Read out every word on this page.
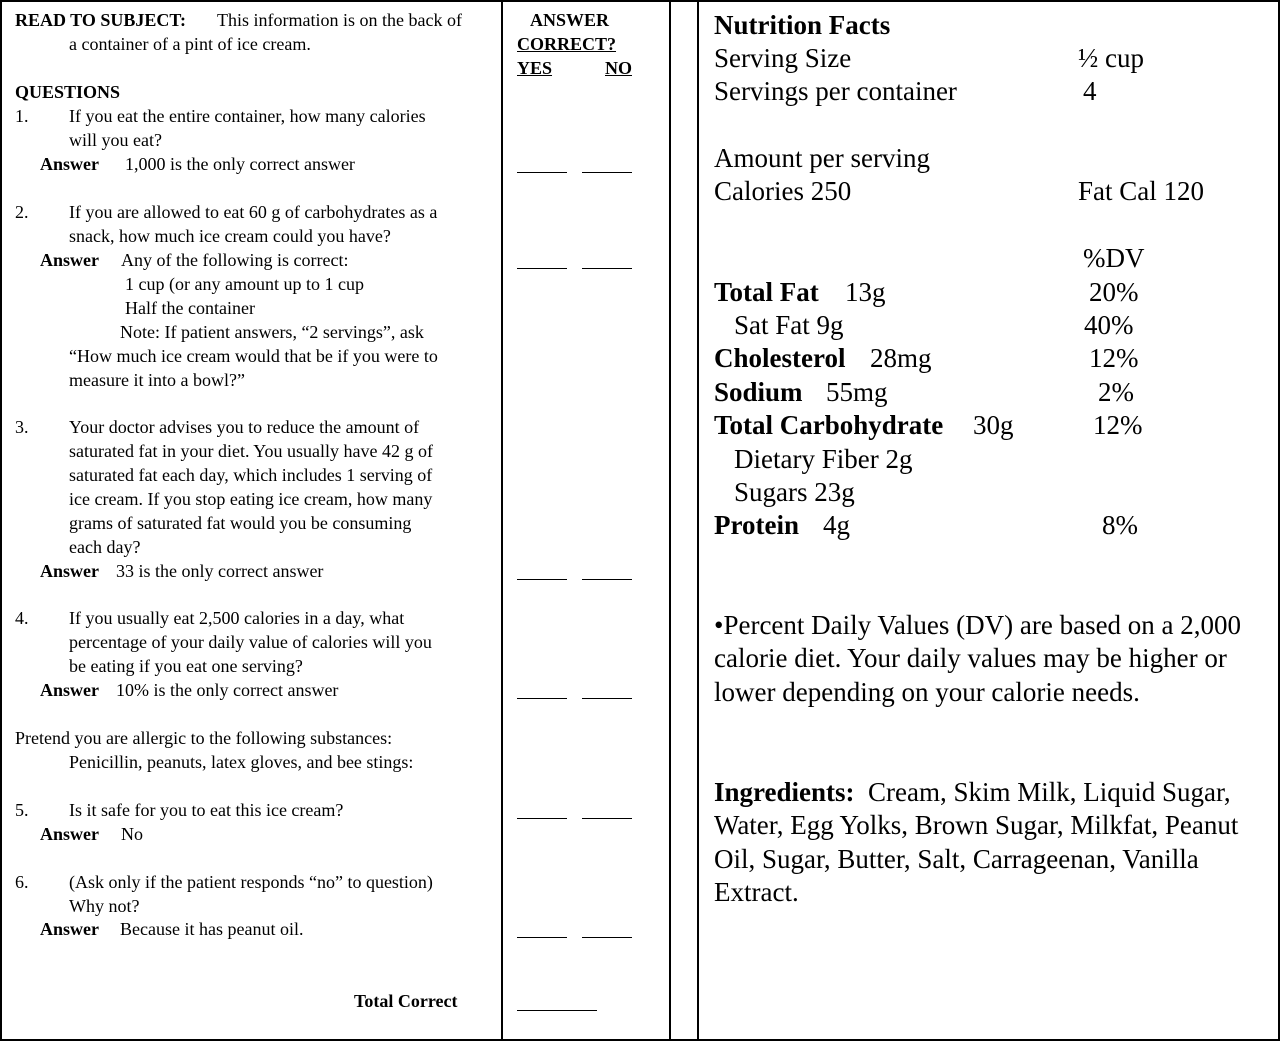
READ TO SUBJECT: This information is on the back of
a container of a pint of ice cream.
QUESTIONS
1. If you eat the entire container, how many calories
will you eat?
Answer 1,000 is the only correct answer
2. If you are allowed to eat 60 g of carbohydrates as a
snack, how much ice cream could you have?
Answer Any of the following is correct:
1 cup (or any amount up to 1 cup
Half the container
Note: If patient answers, “2 servings”, ask
“How much ice cream would that be if you were to
measure it into a bowl?”
3. Your doctor advises you to reduce the amount of
saturated fat in your diet. You usually have 42 g of
saturated fat each day, which includes 1 serving of
ice cream. If you stop eating ice cream, how many
grams of saturated fat would you be consuming
each day?
Answer 33 is the only correct answer
4. If you usually eat 2,500 calories in a day, what
percentage of your daily value of calories will you
be eating if you eat one serving?
Answer 10% is the only correct answer
Pretend you are allergic to the following substances:
Penicillin, peanuts, latex gloves, and bee stings:
5. Is it safe for you to eat this ice cream?
Answer No
6. (Ask only if the patient responds “no” to question)
Why not?
Answer Because it has peanut oil.
Total Correct
ANSWER
CORRECT?
YES	NO
Nutrition Facts
Serving Size	½ cup
Servings per container	4
Amount per serving
Calories 250	Fat Cal 120
%DV
Total Fat 13g	20%
Sat Fat 9g	40%
Cholesterol 28mg	12%
Sodium 55mg	2%
Total Carbohydrate 30g	12%
Dietary Fiber 2g
Sugars 23g
Protein 4g	8%
•Percent Daily Values (DV) are based on a 2,000 calorie diet. Your daily values may be higher or lower depending on your calorie needs.
Ingredients: Cream, Skim Milk, Liquid Sugar, Water, Egg Yolks, Brown Sugar, Milkfat, Peanut Oil, Sugar, Butter, Salt, Carrageenan, Vanilla Extract.
